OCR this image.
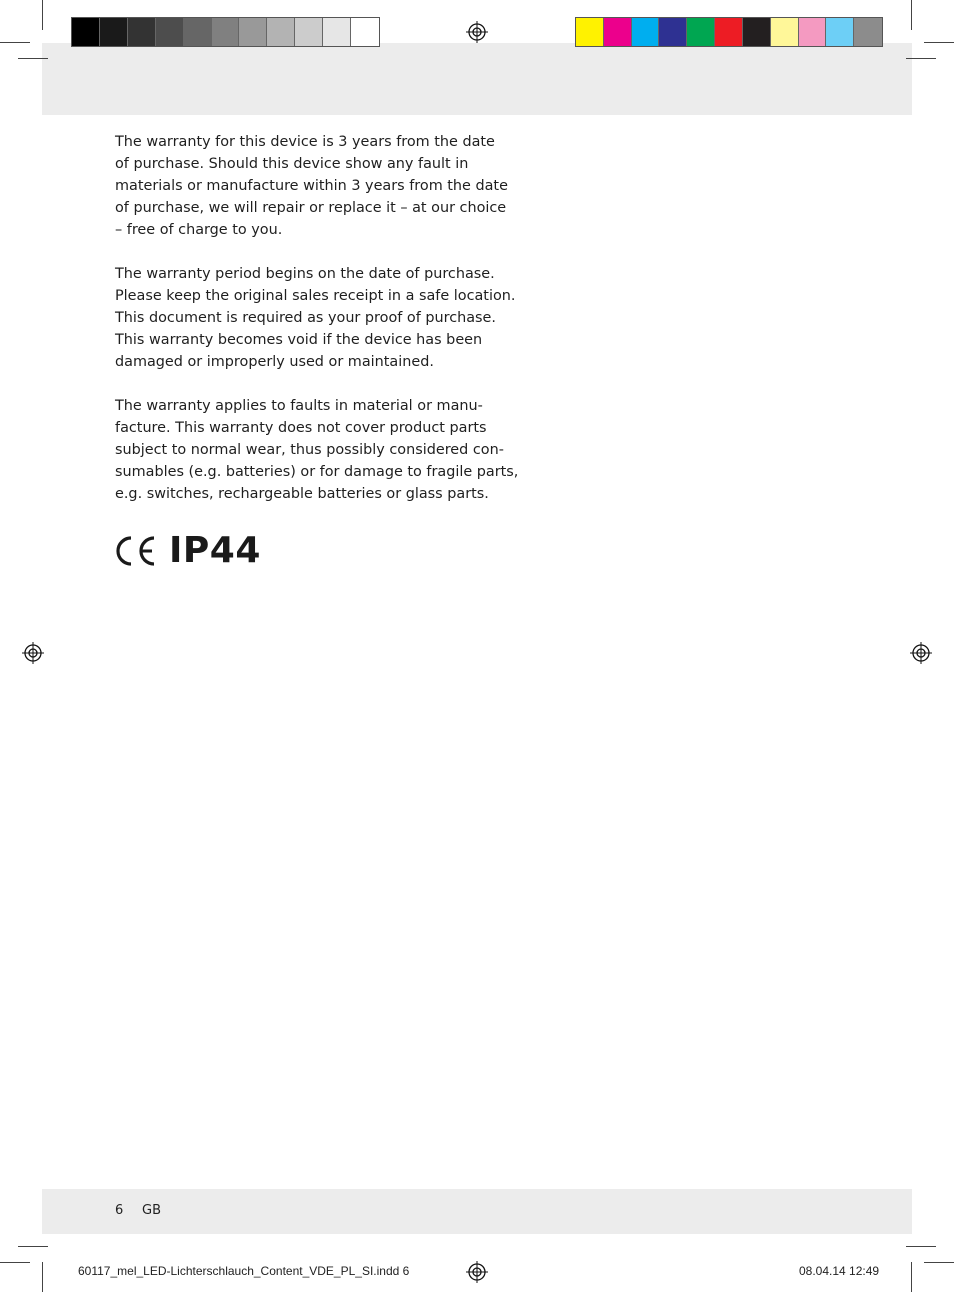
The warranty for this device is 3 years from the date
of purchase. Should this device show any fault in
materials or manufacture within 3 years from the date
of purchase, we will repair or replace it – at our choice
– free of charge to you.

The warranty period begins on the date of purchase.
Please keep the original sales receipt in a safe location.
This document is required as your proof of purchase.
This warranty becomes void if the device has been
damaged or improperly used or maintained.

The warranty applies to faults in material or manu-
facture. This warranty does not cover product parts
subject to normal wear, thus possibly considered con-
sumables (e.g. batteries) or for damage to fragile parts,
e.g. switches, rechargeable batteries or glass parts.

IP44
6 GB
60117_mel_LED-Lichterschlauch_Content_VDE_PL_SI.indd 6	08.04.14 12:49
